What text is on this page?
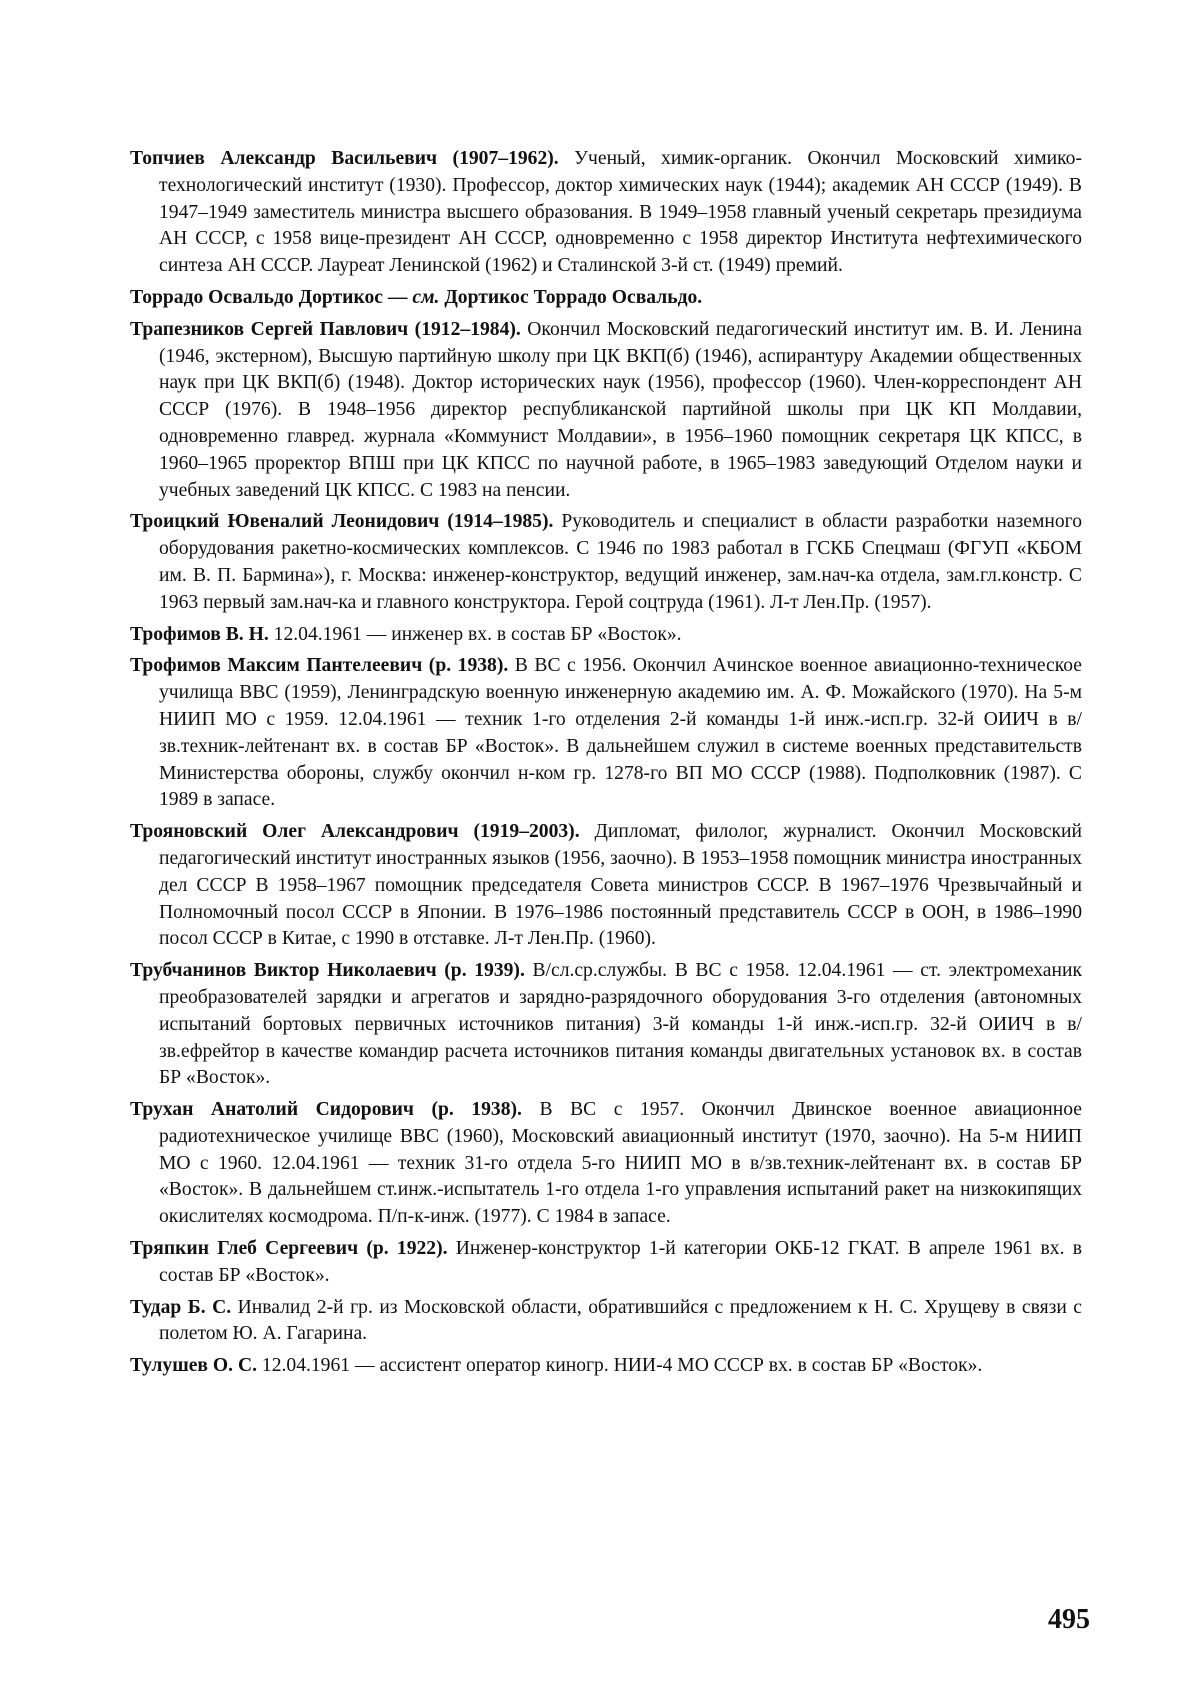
Топчиев Александр Васильевич (1907–1962). Ученый, химик-органик. Окончил Московский химико-технологический институт (1930). Профессор, доктор химических наук (1944); академик АН СССР (1949). В 1947–1949 заместитель министра высшего образования. В 1949–1958 главный ученый секретарь президиума АН СССР, с 1958 вице-президент АН СССР, одновременно с 1958 директор Института нефтехимического синтеза АН СССР. Лауреат Ленинской (1962) и Сталинской 3-й ст. (1949) премий.

Торрадо Освальдо Дортикос — см. Дортикос Торрадо Освальдо.

Трапезников Сергей Павлович (1912–1984). Окончил Московский педагогический институт им. В. И. Ленина (1946, экстерном), Высшую партийную школу при ЦК ВКП(б) (1946), аспирантуру Академии общественных наук при ЦК ВКП(б) (1948). Доктор исторических наук (1956), профессор (1960). Член-корреспондент АН СССР (1976). В 1948–1956 директор республиканской партийной школы при ЦК КП Молдавии, одновременно главред. журнала «Коммунист Молдавии», в 1956–1960 помощник секретаря ЦК КПСС, в 1960–1965 проректор ВПШ при ЦК КПСС по научной работе, в 1965–1983 заведующий Отделом науки и учебных заведений ЦК КПСС. С 1983 на пенсии.

Троицкий Ювеналий Леонидович (1914–1985). Руководитель и специалист в области разработки наземного оборудования ракетно-космических комплексов. С 1946 по 1983 работал в ГСКБ Спецмаш (ФГУП «КБОМ им. В. П. Бармина»), г. Москва: инженер-конструктор, ведущий инженер, зам.нач-ка отдела, зам.гл.констр. С 1963 первый зам.нач-ка и главного конструктора. Герой соцтруда (1961). Л-т Лен.Пр. (1957).

Трофимов В. Н. 12.04.1961 — инженер вх. в состав БР «Восток».

Трофимов Максим Пантелеевич (р. 1938). В ВС с 1956. Окончил Ачинское военное авиационно-техническое училища ВВС (1959), Ленинградскую военную инженерную академию им. А. Ф. Можайского (1970). На 5-м НИИП МО с 1959. 12.04.1961 — техник 1-го отделения 2-й команды 1-й инж.-исп.гр. 32-й ОИИЧ в в/зв.техник-лейтенант вх. в состав БР «Восток». В дальнейшем служил в системе военных представительств Министерства обороны, службу окончил н-ком гр. 1278-го ВП МО СССР (1988). Подполковник (1987). С 1989 в запасе.

Трояновский Олег Александрович (1919–2003). Дипломат, филолог, журналист. Окончил Московский педагогический институт иностранных языков (1956, заочно). В 1953–1958 помощник министра иностранных дел СССР В 1958–1967 помощник председателя Совета министров СССР. В 1967–1976 Чрезвычайный и Полномочный посол СССР в Японии. В 1976–1986 постоянный представитель СССР в ООН, в 1986–1990 посол СССР в Китае, с 1990 в отставке. Л-т Лен.Пр. (1960).

Трубчанинов Виктор Николаевич (р. 1939). В/сл.ср.службы. В ВС с 1958. 12.04.1961 — ст. электромеханик преобразователей зарядки и агрегатов и зарядно-разрядочного оборудования 3-го отделения (автономных испытаний бортовых первичных источников питания) 3-й команды 1-й инж.-исп.гр. 32-й ОИИЧ в в/зв.ефрейтор в качестве командир расчета источников питания команды двигательных установок вх. в состав БР «Восток».

Трухан Анатолий Сидорович (р. 1938). В ВС с 1957. Окончил Двинское военное авиационное радиотехническое училище ВВС (1960), Московский авиационный институт (1970, заочно). На 5-м НИИП МО с 1960. 12.04.1961 — техник 31-го отдела 5-го НИИП МО в в/зв.техник-лейтенант вх. в состав БР «Восток». В дальнейшем ст.инж.-испытатель 1-го отдела 1-го управления испытаний ракет на низкокипящих окислителях космодрома. П/п-к-инж. (1977). С 1984 в запасе.

Тряпкин Глеб Сергеевич (р. 1922). Инженер-конструктор 1-й категории ОКБ-12 ГКАТ. В апреле 1961 вх. в состав БР «Восток».

Тудар Б. С. Инвалид 2-й гр. из Московской области, обратившийся с предложением к Н. С. Хрущеву в связи с полетом Ю. А. Гагарина.

Тулушев О. С. 12.04.1961 — ассистент оператор киногр. НИИ-4 МО СССР вх. в состав БР «Восток».

495
